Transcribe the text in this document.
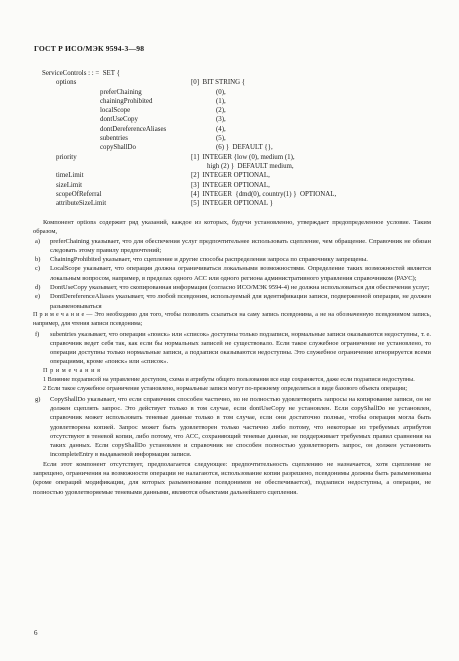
ГОСТ Р ИСО/МЭК 9594-3—98
ServiceControls : : =  SET {
options	[0]  BIT STRING {
preferChaining	(0),
chainingProhibited	(1),
localScope	(2),
dontUseCopy	(3),
dontDereferenceAliases	(4),
subentries	(5),
copyShallDo	(6) }  DEFAULT {},
priority	[1]  INTEGER {low (0), medium (1),
high (2) }  DEFAULT medium,
timeLimit	[2]  INTEGER OPTIONAL,
sizeLimit	[3]  INTEGER OPTIONAL,
scopeOfReferral	[4]  INTEGER  {dmd(0), country(1) }  OPTIONAL,
attributeSizeLimit	[5]  INTEGER OPTIONAL }

Компонент options содержит ряд указаний, каждое из которых, будучи установленно, утверждает предопределенное условие. Таким образом,

а) preferChaining указывает, что для обеспечения услуг предпочтительнее использовать сцепление, чем обращение. Справочник не обязан следовать этому правилу предпочтений;

b) ChainingProhibited указывает, что сцепление и другие способы распределения запроса по справочнику запрещены.

с) LocalScope указывает, что операция должна ограничиваться локальными возможностями. Определение таких возможностей является локальным вопросом, например, в пределах одного АСС или одного региона административного управления справочником (РАУС);

d) DontUseCopy указывает, что скопированная информация (согласно ИСО/МЭК 9594-4) не должна использоваться для обеспечения услуг;

е) DontDereferenceAliases указывает, что любой псевдоним, используемый для идентификации записи, подверженной операции, не должен разыменовываться

П р и м е ч а н и е — Это необходимо для того, чтобы позволить ссылаться на саму запись псевдонима, а не на обозначенную псевдонимом запись, например, для чтения записи псевдонима;

f) subentries указывает, что операции «поиск» или «список» доступны только подзаписи, нормальные записи оказываются недоступны, т. е. справочник ведет себя так, как если бы нормальных записей не существовало. Если такое служебное ограничение не установлено, то операции доступны только нормальные записи, а подзаписи оказываются недоступны. Это служебное ограничение игнорируется всеми операциями, кроме «поиск» или «список».

П р и м е ч а н и я

1 Влияние подзаписей на управление доступом, схема и атрибуты общего пользования все еще сохраняется, даже если подзаписи недоступны.

2 Если такое служебное ограничение установлено, нормальные записи могут по-прежнему определяться в виде базового объекта операции;

g) CopyShallDo указывает, что если справочник способен частично, но не полностью удовлетворить запросы на копирование записи, он не должен сцеплять запрос. Это действует только в том случае, если dontUseCopy не установлен. Если copyShallDo не установлен, справочник может использовать теневые данные только в том случае, если они достаточно полные, чтобы операция могла быть удовлетворена копией. Запрос может быть удовлетворен только частично либо потому, что некоторые из требуемых атрибутов отсутствуют в теневой копии, либо потому, что АСС, сохраняющий теневые данные, не поддерживает требуемых правил сравнения на таких данных. Если copyShallDo установлен и справочник не способен полностью удовлетворить запрос, он должен установить incompleteEntry в выдаваемой информации записи.

Если этот компонент отсутствует, предполагается следующее: предпочтительность сцеплению не назначается, хотя сцепление не запрещено, ограничения на возможности операции не налагаются, использование копии разрешено, псевдонимы должны быть разыменованы (кроме операций модификации, для которых разыменование псевдонимов не обеспечивается), подзаписи недоступны, а операции, не полностью удовлетворяемые теневыми данными, являются объектами дальнейшего сцепления.

6
